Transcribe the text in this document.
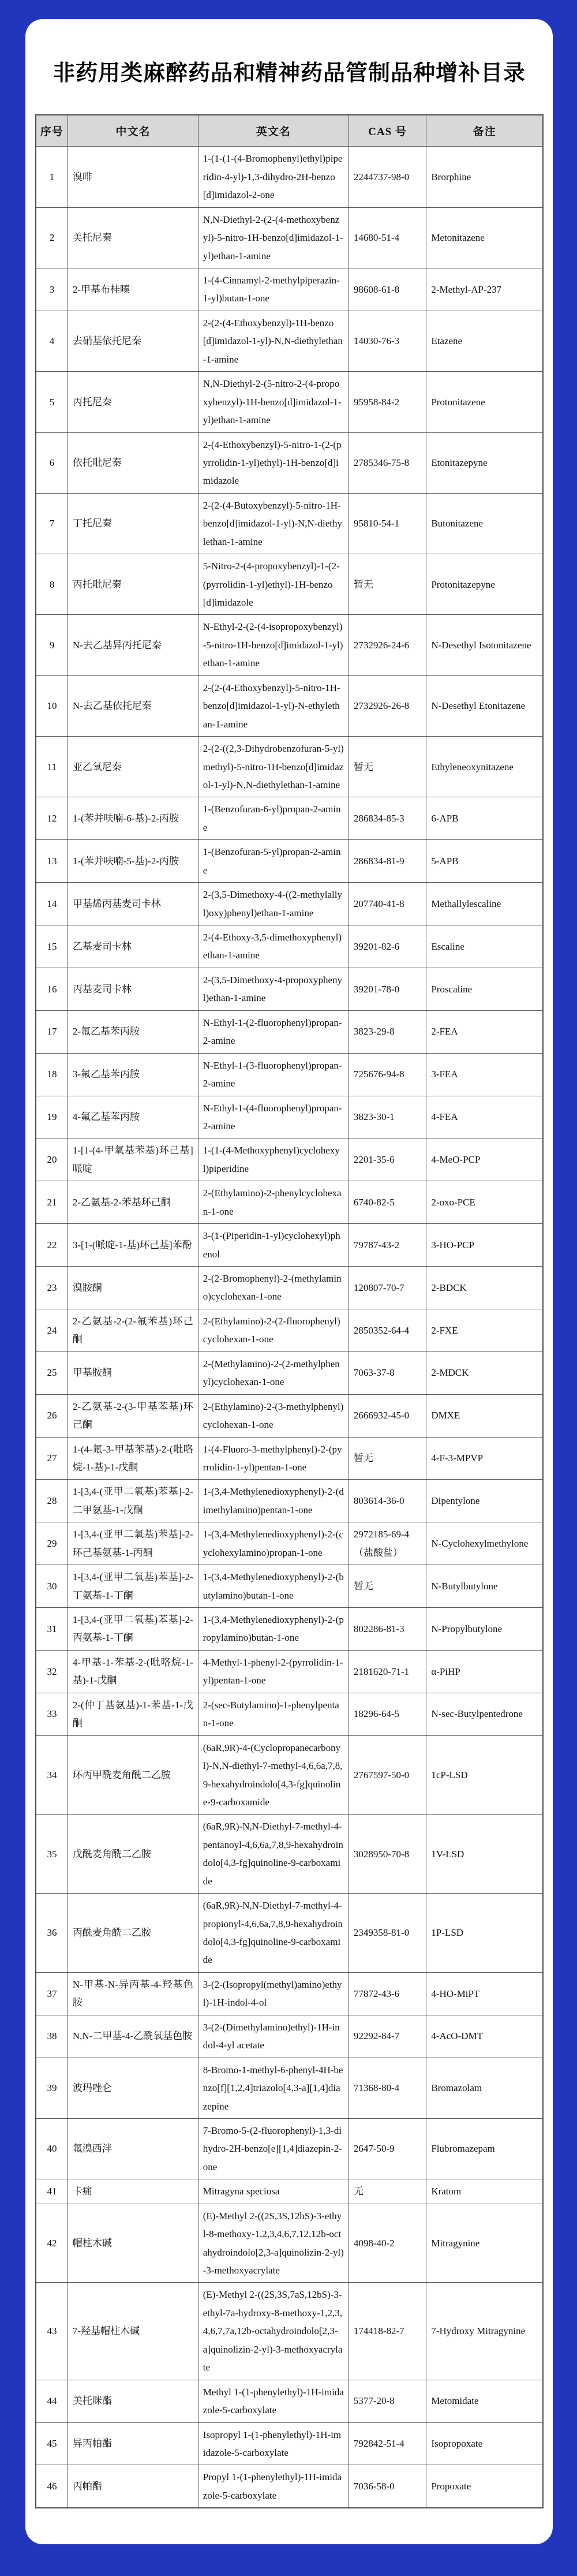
非药用类麻醉药品和精神药品管制品种增补目录
序号	中文名	英文名	CAS 号	备注
1	溴啡	1-(1-(1-(4-Bromophenyl)ethyl)piperidin-4-yl)-1,3-dihydro-2H-benzo[d]imidazol-2-one	2244737-98-0	Brorphine
2	美托尼秦	N,N-Diethyl-2-(2-(4-methoxybenzyl)-5-nitro-1H-benzo[d]imidazol-1-yl)ethan-1-amine	14680-51-4	Metonitazene
3	2-甲基布桂嗪	1-(4-Cinnamyl-2-methylpiperazin-1-yl)butan-1-one	98608-61-8	2-Methyl-AP-237
4	去硝基依托尼秦	2-(2-(4-Ethoxybenzyl)-1H-benzo[d]imidazol-1-yl)-N,N-diethylethan-1-amine	14030-76-3	Etazene
5	丙托尼秦	N,N-Diethyl-2-(5-nitro-2-(4-propoxybenzyl)-1H-benzo[d]imidazol-1-yl)ethan-1-amine	95958-84-2	Protonitazene
6	依托吡尼秦	2-(4-Ethoxybenzyl)-5-nitro-1-(2-(pyrrolidin-1-yl)ethyl)-1H-benzo[d]imidazole	2785346-75-8	Etonitazepyne
7	丁托尼秦	2-(2-(4-Butoxybenzyl)-5-nitro-1H-benzo[d]imidazol-1-yl)-N,N-diethylethan-1-amine	95810-54-1	Butonitazene
8	丙托吡尼秦	5-Nitro-2-(4-propoxybenzyl)-1-(2-(pyrrolidin-1-yl)ethyl)-1H-benzo[d]imidazole	暂无	Protonitazepyne
9	N-去乙基异丙托尼秦	N-Ethyl-2-(2-(4-isopropoxybenzyl)-5-nitro-1H-benzo[d]imidazol-1-yl)ethan-1-amine	2732926-24-6	N-Desethyl Isotonitazene
10	N-去乙基依托尼秦	2-(2-(4-Ethoxybenzyl)-5-nitro-1H-benzo[d]imidazol-1-yl)-N-ethylethan-1-amine	2732926-26-8	N-Desethyl Etonitazene
11	亚乙氧尼秦	2-(2-((2,3-Dihydrobenzofuran-5-yl)methyl)-5-nitro-1H-benzo[d]imidazol-1-yl)-N,N-diethylethan-1-amine	暂无	Ethyleneoxynitazene
12	1-(苯并呋喃-6-基)-2-丙胺	1-(Benzofuran-6-yl)propan-2-amine	286834-85-3	6-APB
13	1-(苯并呋喃-5-基)-2-丙胺	1-(Benzofuran-5-yl)propan-2-amine	286834-81-9	5-APB
14	甲基烯丙基麦司卡林	2-(3,5-Dimethoxy-4-((2-methylallyl)oxy)phenyl)ethan-1-amine	207740-41-8	Methallylescaline
15	乙基麦司卡林	2-(4-Ethoxy-3,5-dimethoxyphenyl)ethan-1-amine	39201-82-6	Escaline
16	丙基麦司卡林	2-(3,5-Dimethoxy-4-propoxyphenyl)ethan-1-amine	39201-78-0	Proscaline
17	2-氟乙基苯丙胺	N-Ethyl-1-(2-fluorophenyl)propan-2-amine	3823-29-8	2-FEA
18	3-氟乙基苯丙胺	N-Ethyl-1-(3-fluorophenyl)propan-2-amine	725676-94-8	3-FEA
19	4-氟乙基苯丙胺	N-Ethyl-1-(4-fluorophenyl)propan-2-amine	3823-30-1	4-FEA
20	1-[1-(4-甲氧基苯基)环己基]哌啶	1-(1-(4-Methoxyphenyl)cyclohexyl)piperidine	2201-35-6	4-MeO-PCP
21	2-乙氨基-2-苯基环己酮	2-(Ethylamino)-2-phenylcyclohexan-1-one	6740-82-5	2-oxo-PCE
22	3-[1-(哌啶-1-基)环己基]苯酚	3-(1-(Piperidin-1-yl)cyclohexyl)phenol	79787-43-2	3-HO-PCP
23	溴胺酮	2-(2-Bromophenyl)-2-(methylamino)cyclohexan-1-one	120807-70-7	2-BDCK
24	2-乙氨基-2-(2-氟苯基)环己酮	2-(Ethylamino)-2-(2-fluorophenyl)cyclohexan-1-one	2850352-64-4	2-FXE
25	甲基胺酮	2-(Methylamino)-2-(2-methylphenyl)cyclohexan-1-one	7063-37-8	2-MDCK
26	2-乙氨基-2-(3-甲基苯基)环己酮	2-(Ethylamino)-2-(3-methylphenyl)cyclohexan-1-one	2666932-45-0	DMXE
27	1-(4-氟-3-甲基苯基)-2-(吡咯烷-1-基)-1-戊酮	1-(4-Fluoro-3-methylphenyl)-2-(pyrrolidin-1-yl)pentan-1-one	暂无	4-F-3-MPVP
28	1-[3,4-(亚甲二氧基)苯基]-2-二甲氨基-1-戊酮	1-(3,4-Methylenedioxyphenyl)-2-(dimethylamino)pentan-1-one	803614-36-0	Dipentylone
29	1-[3,4-(亚甲二氧基)苯基]-2-环己基氨基-1-丙酮	1-(3,4-Methylenedioxyphenyl)-2-(cyclohexylamino)propan-1-one	2972185-69-4（盐酸盐）	N-Cyclohexylmethylone
30	1-[3,4-(亚甲二氧基)苯基]-2-丁氨基-1-丁酮	1-(3,4-Methylenedioxyphenyl)-2-(butylamino)butan-1-one	暂无	N-Butylbutylone
31	1-[3,4-(亚甲二氧基)苯基]-2-丙氨基-1-丁酮	1-(3,4-Methylenedioxyphenyl)-2-(propylamino)butan-1-one	802286-81-3	N-Propylbutylone
32	4-甲基-1-苯基-2-(吡咯烷-1-基)-1-戊酮	4-Methyl-1-phenyl-2-(pyrrolidin-1-yl)pentan-1-one	2181620-71-1	α-PiHP
33	2-(仲丁基氨基)-1-苯基-1-戊酮	2-(sec-Butylamino)-1-phenylpentan-1-one	18296-64-5	N-sec-Butylpentedrone
34	环丙甲酰麦角酰二乙胺	(6aR,9R)-4-(Cyclopropanecarbonyl)-N,N-diethyl-7-methyl-4,6,6a,7,8,9-hexahydroindolo[4,3-fg]quinoline-9-carboxamide	2767597-50-0	1cP-LSD
35	戊酰麦角酰二乙胺	(6aR,9R)-N,N-Diethyl-7-methyl-4-pentanoyl-4,6,6a,7,8,9-hexahydroindolo[4,3-fg]quinoline-9-carboxamide	3028950-70-8	1V-LSD
36	丙酰麦角酰二乙胺	(6aR,9R)-N,N-Diethyl-7-methyl-4-propionyl-4,6,6a,7,8,9-hexahydroindolo[4,3-fg]quinoline-9-carboxamide	2349358-81-0	1P-LSD
37	N-甲基-N-异丙基-4-羟基色胺	3-(2-(Isopropyl(methyl)amino)ethyl)-1H-indol-4-ol	77872-43-6	4-HO-MiPT
38	N,N-二甲基-4-乙酰氧基色胺	3-(2-(Dimethylamino)ethyl)-1H-indol-4-yl acetate	92292-84-7	4-AcO-DMT
39	波玛唑仑	8-Bromo-1-methyl-6-phenyl-4H-benzo[f][1,2,4]triazolo[4,3-a][1,4]diazepine	71368-80-4	Bromazolam
40	氟溴西泮	7-Bromo-5-(2-fluorophenyl)-1,3-dihydro-2H-benzo[e][1,4]diazepin-2-one	2647-50-9	Flubromazepam
41	卡痛	Mitragyna speciosa	无	Kratom
42	帽柱木碱	(E)-Methyl 2-((2S,3S,12bS)-3-ethyl-8-methoxy-1,2,3,4,6,7,12,12b-octahydroindolo[2,3-a]quinolizin-2-yl)-3-methoxyacrylate	4098-40-2	Mitragynine
43	7-羟基帽柱木碱	(E)-Methyl 2-((2S,3S,7aS,12bS)-3-ethyl-7a-hydroxy-8-methoxy-1,2,3,4,6,7,7a,12b-octahydroindolo[2,3-a]quinolizin-2-yl)-3-methoxyacrylate	174418-82-7	7-Hydroxy Mitragynine
44	美托咪酯	Methyl 1-(1-phenylethyl)-1H-imidazole-5-carboxylate	5377-20-8	Metomidate
45	异丙帕酯	Isopropyl 1-(1-phenylethyl)-1H-imidazole-5-carboxylate	792842-51-4	Isopropoxate
46	丙帕酯	Propyl 1-(1-phenylethyl)-1H-imidazole-5-carboxylate	7036-58-0	Propoxate
